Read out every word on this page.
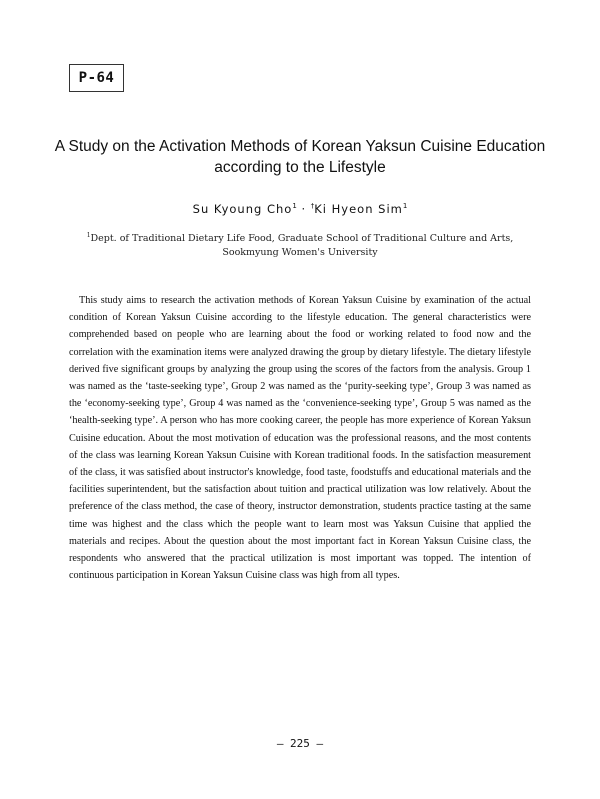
P-64
A Study on the Activation Methods of Korean Yaksun Cuisine Education according to the Lifestyle
Su Kyoung Cho$^1$ · †Ki Hyeon Sim$^1$
$^1$Dept. of Traditional Dietary Life Food, Graduate School of Traditional Culture and Arts, Sookmyung Women's University

This study aims to research the activation methods of Korean Yaksun Cuisine by examination of the actual condition of Korean Yaksun Cuisine according to the lifestyle education. The general characteristics were comprehended based on people who are learning about the food or working related to food now and the correlation with the examination items were analyzed drawing the group by dietary lifestyle. The dietary lifestyle derived five significant groups by analyzing the group using the scores of the factors from the analysis. Group 1 was named as the ‘taste-seeking type’, Group 2 was named as the ‘purity-seeking type’, Group 3 was named as the ‘economy-seeking type’, Group 4 was named as the ‘convenience-seeking type’, Group 5 was named as the ‘health-seeking type’. A person who has more cooking career, the people has more experience of Korean Yaksun Cuisine education. About the most motivation of education was the professional reasons, and the most contents of the class was learning Korean Yaksun Cuisine with Korean traditional foods. In the satisfaction measurement of the class, it was satisfied about instructor's knowledge, food taste, foodstuffs and educational materials and the facilities superintendent, but the satisfaction about tuition and practical utilization was low relatively. About the preference of the class method, the case of theory, instructor demonstration, students practice tasting at the same time was highest and the class which the people want to learn most was Yaksun Cuisine that applied the materials and recipes. About the question about the most important fact in Korean Yaksun Cuisine class, the respondents who answered that the practical utilization is most important was topped. The intention of continuous participation in Korean Yaksun Cuisine class was high from all types.

– 225 –
